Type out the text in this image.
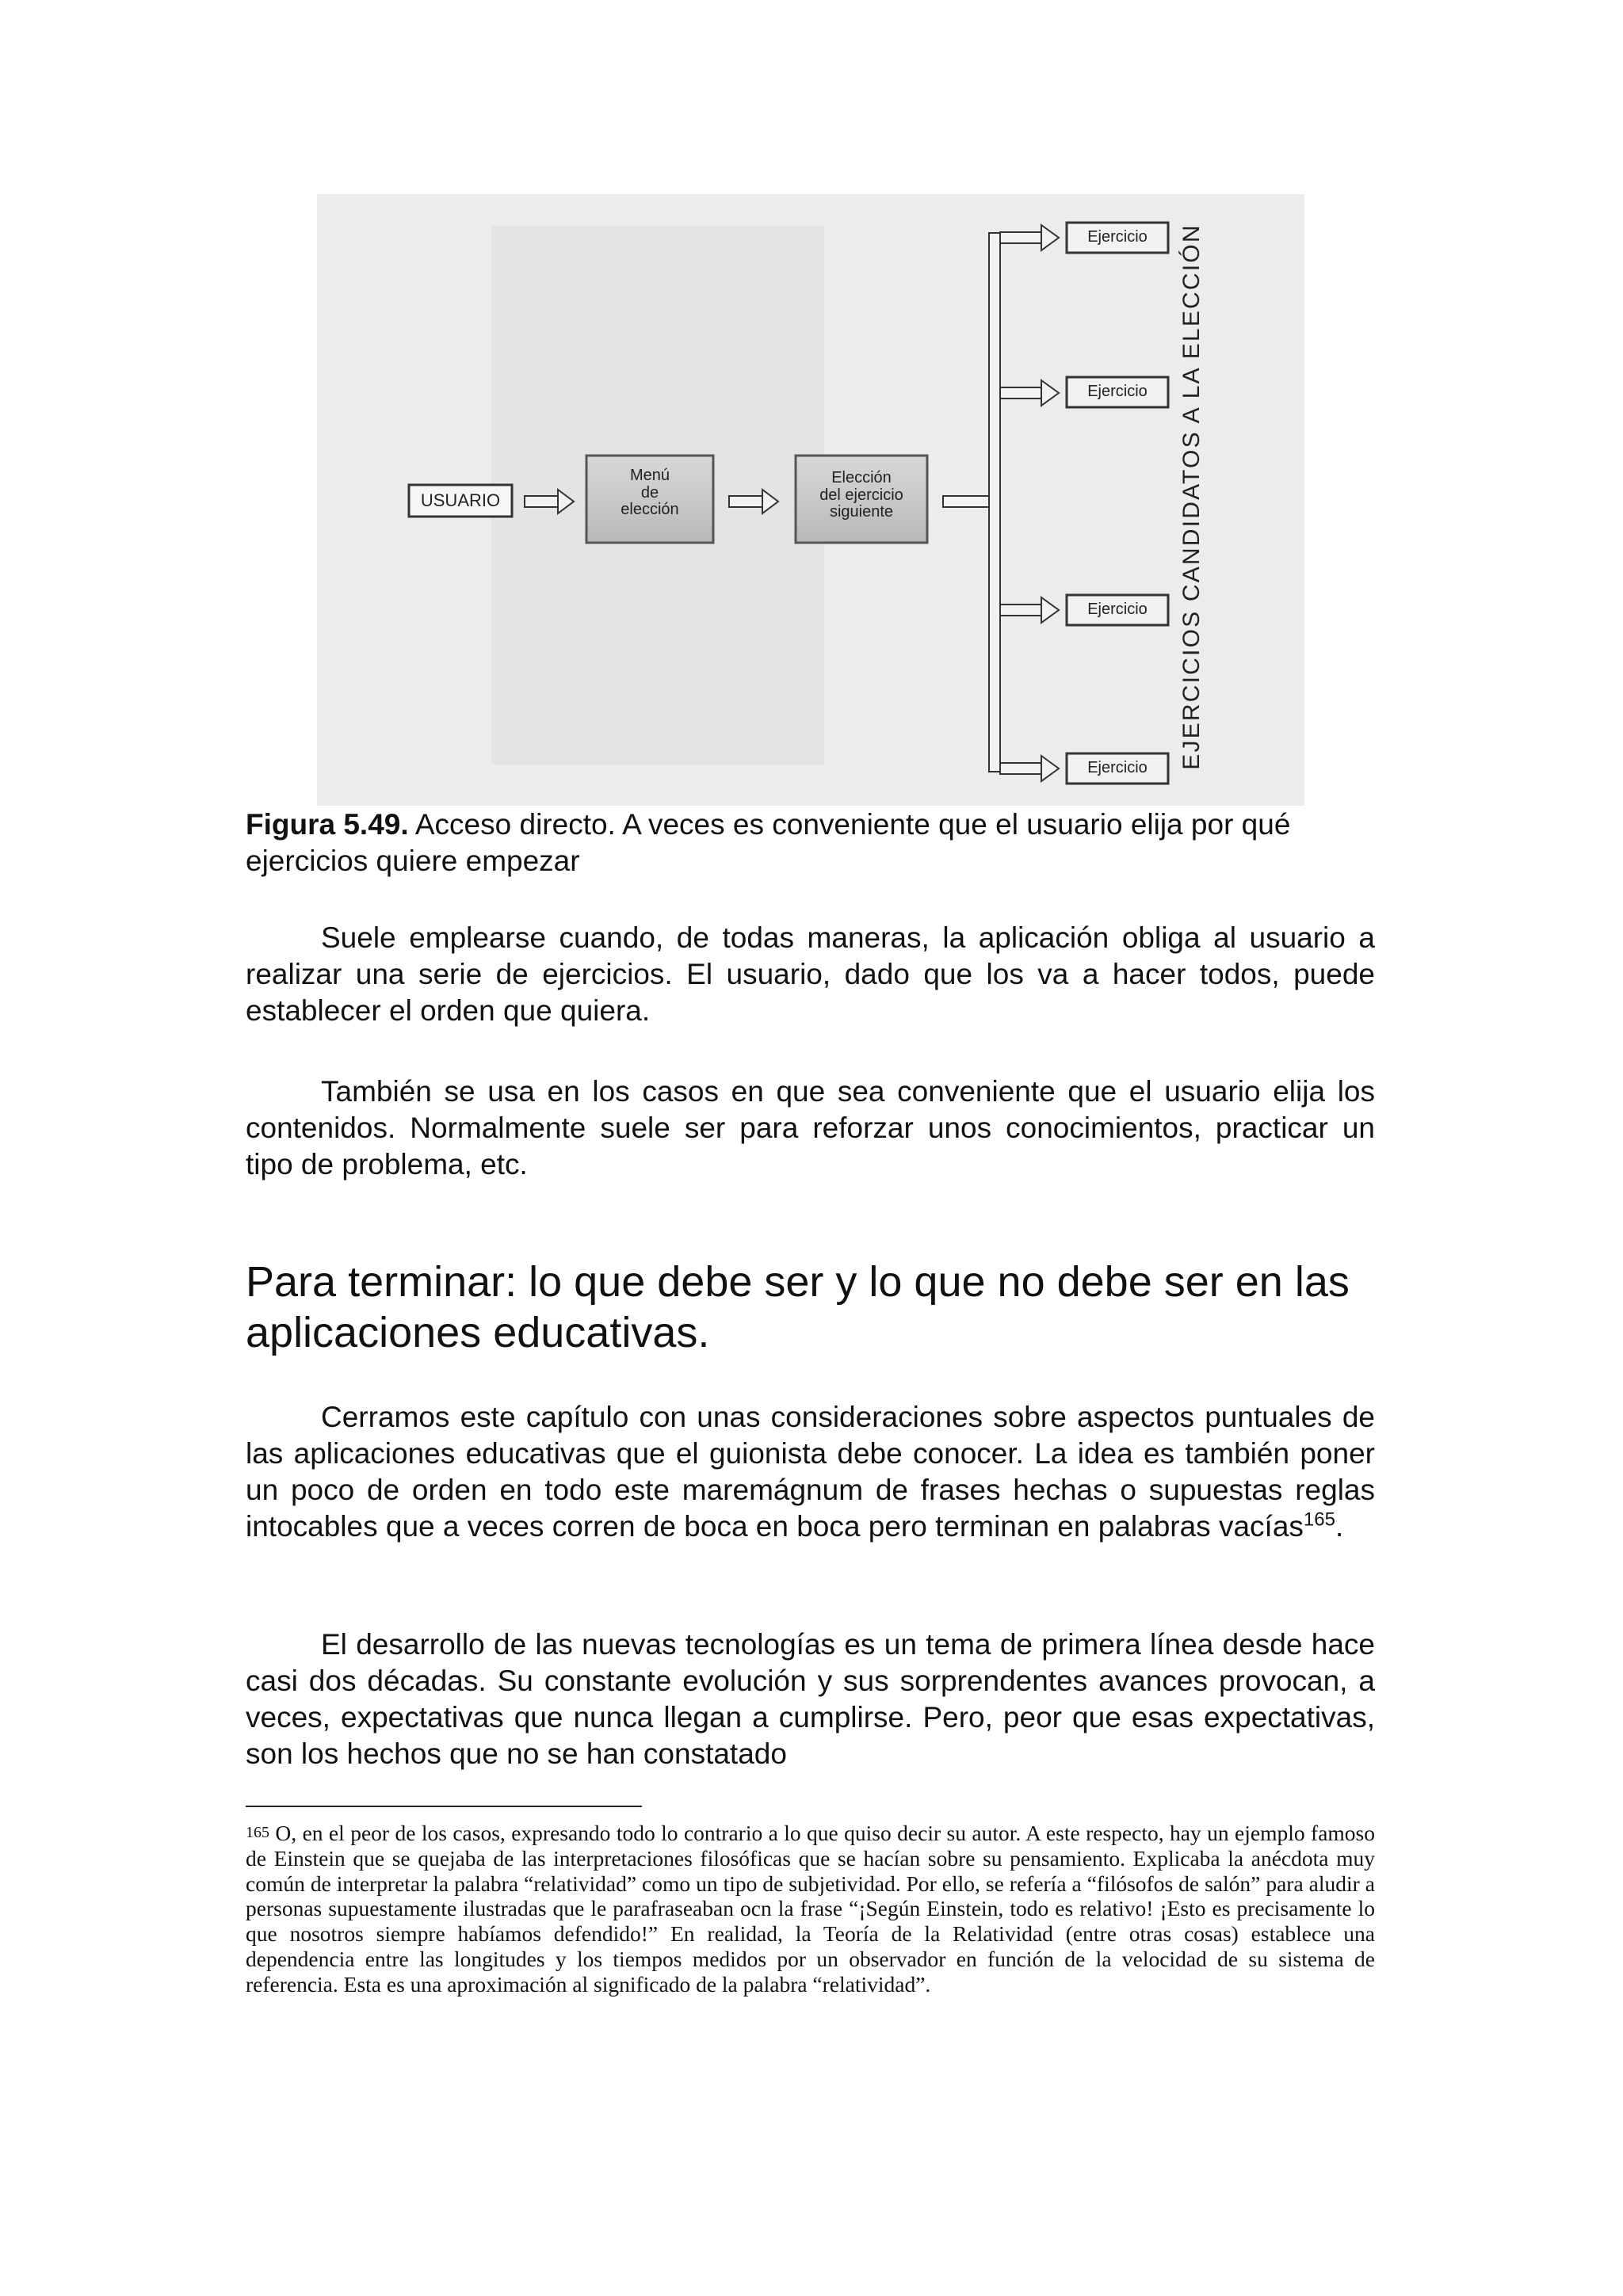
USUARIO
Menú
de
elección
Elección
del ejercicio
siguiente
Ejercicio
Ejercicio
Ejercicio
Ejercicio	EJERCICIOS CANDIDATOS A LA ELECCIÓN

Figura 5.49. Acceso directo. A veces es conveniente que el usuario elija por qué ejercicios quiere empezar

Suele emplearse cuando, de todas maneras, la aplicación obliga al usuario a realizar una serie de ejercicios. El usuario, dado que los va a hacer todos, puede establecer el orden que quiera.

También se usa en los casos en que sea conveniente que el usuario elija los contenidos. Normalmente suele ser para reforzar unos conocimientos, practicar un tipo de problema, etc.

Para terminar: lo que debe ser y lo que no debe ser en las aplicaciones educativas.

Cerramos este capítulo con unas consideraciones sobre aspectos puntuales de las aplicaciones educativas que el guionista debe conocer. La idea es también poner un poco de orden en todo este maremágnum de frases hechas o supuestas reglas intocables que a veces corren de boca en boca pero terminan en palabras vacías$^{165}$.

El desarrollo de las nuevas tecnologías es un tema de primera línea desde hace casi dos décadas. Su constante evolución y sus sorprendentes avances provocan, a veces, expectativas que nunca llegan a cumplirse. Pero, peor que esas expectativas, son los hechos que no se han constatado

$^{165}$ O, en el peor de los casos, expresando todo lo contrario a lo que quiso decir su autor. A este respecto, hay un ejemplo famoso de Einstein que se quejaba de las interpretaciones filosóficas que se hacían sobre su pensamiento. Explicaba la anécdota muy común de interpretar la palabra “relatividad” como un tipo de subjetividad. Por ello, se refería a “filósofos de salón” para aludir a personas supuestamente ilustradas que le parafraseaban ocn la frase “¡Según Einstein, todo es relativo! ¡Esto es precisamente lo que nosotros siempre habíamos defendido!” En realidad, la Teoría de la Relatividad (entre otras cosas) establece una dependencia entre las longitudes y los tiempos medidos por un observador en función de la velocidad de su sistema de referencia. Esta es una aproximación al significado de la palabra “relatividad”.
